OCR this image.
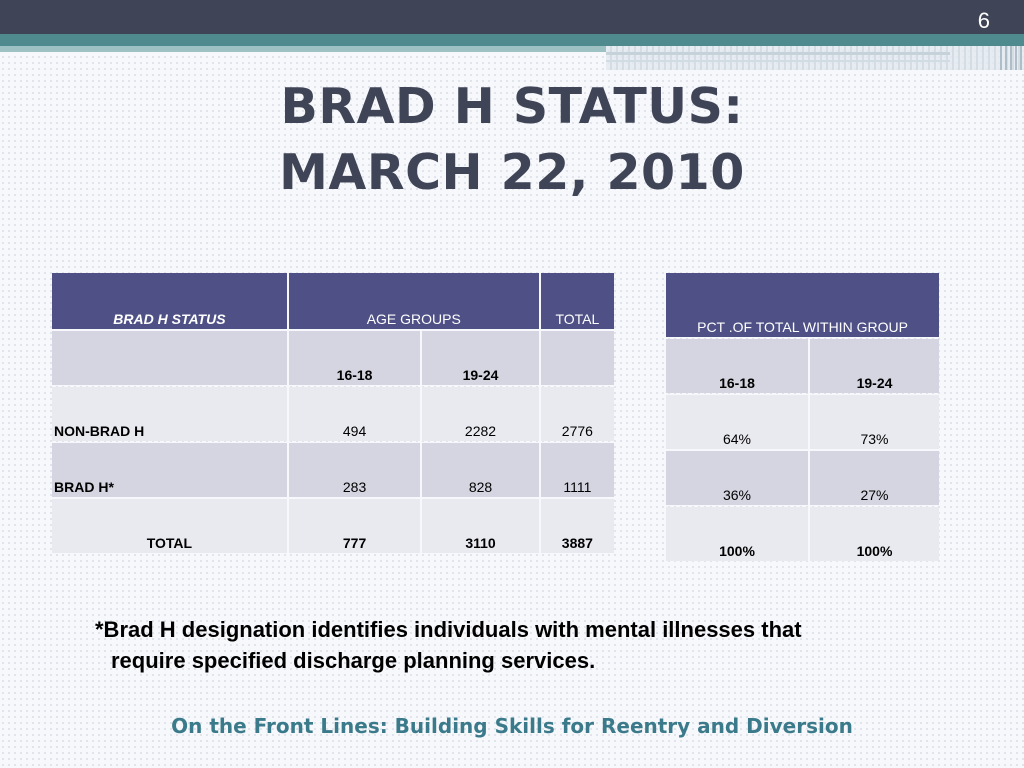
6
BRAD H STATUS:
MARCH 22, 2010
BRAD H STATUS	AGE GROUPS		TOTAL
	16-18	19-24	
NON-BRAD H	494	2282	2776
BRAD H*	283	828	1111
TOTAL	777	3110	3887
PCT .OF TOTAL WITHIN GROUP	
16-18	19-24
64%	73%
36%	27%
100%	100%
*Brad H designation identifies individuals with mental illnesses that
require specified discharge planning services.
On the Front Lines: Building Skills for Reentry and Diversion
